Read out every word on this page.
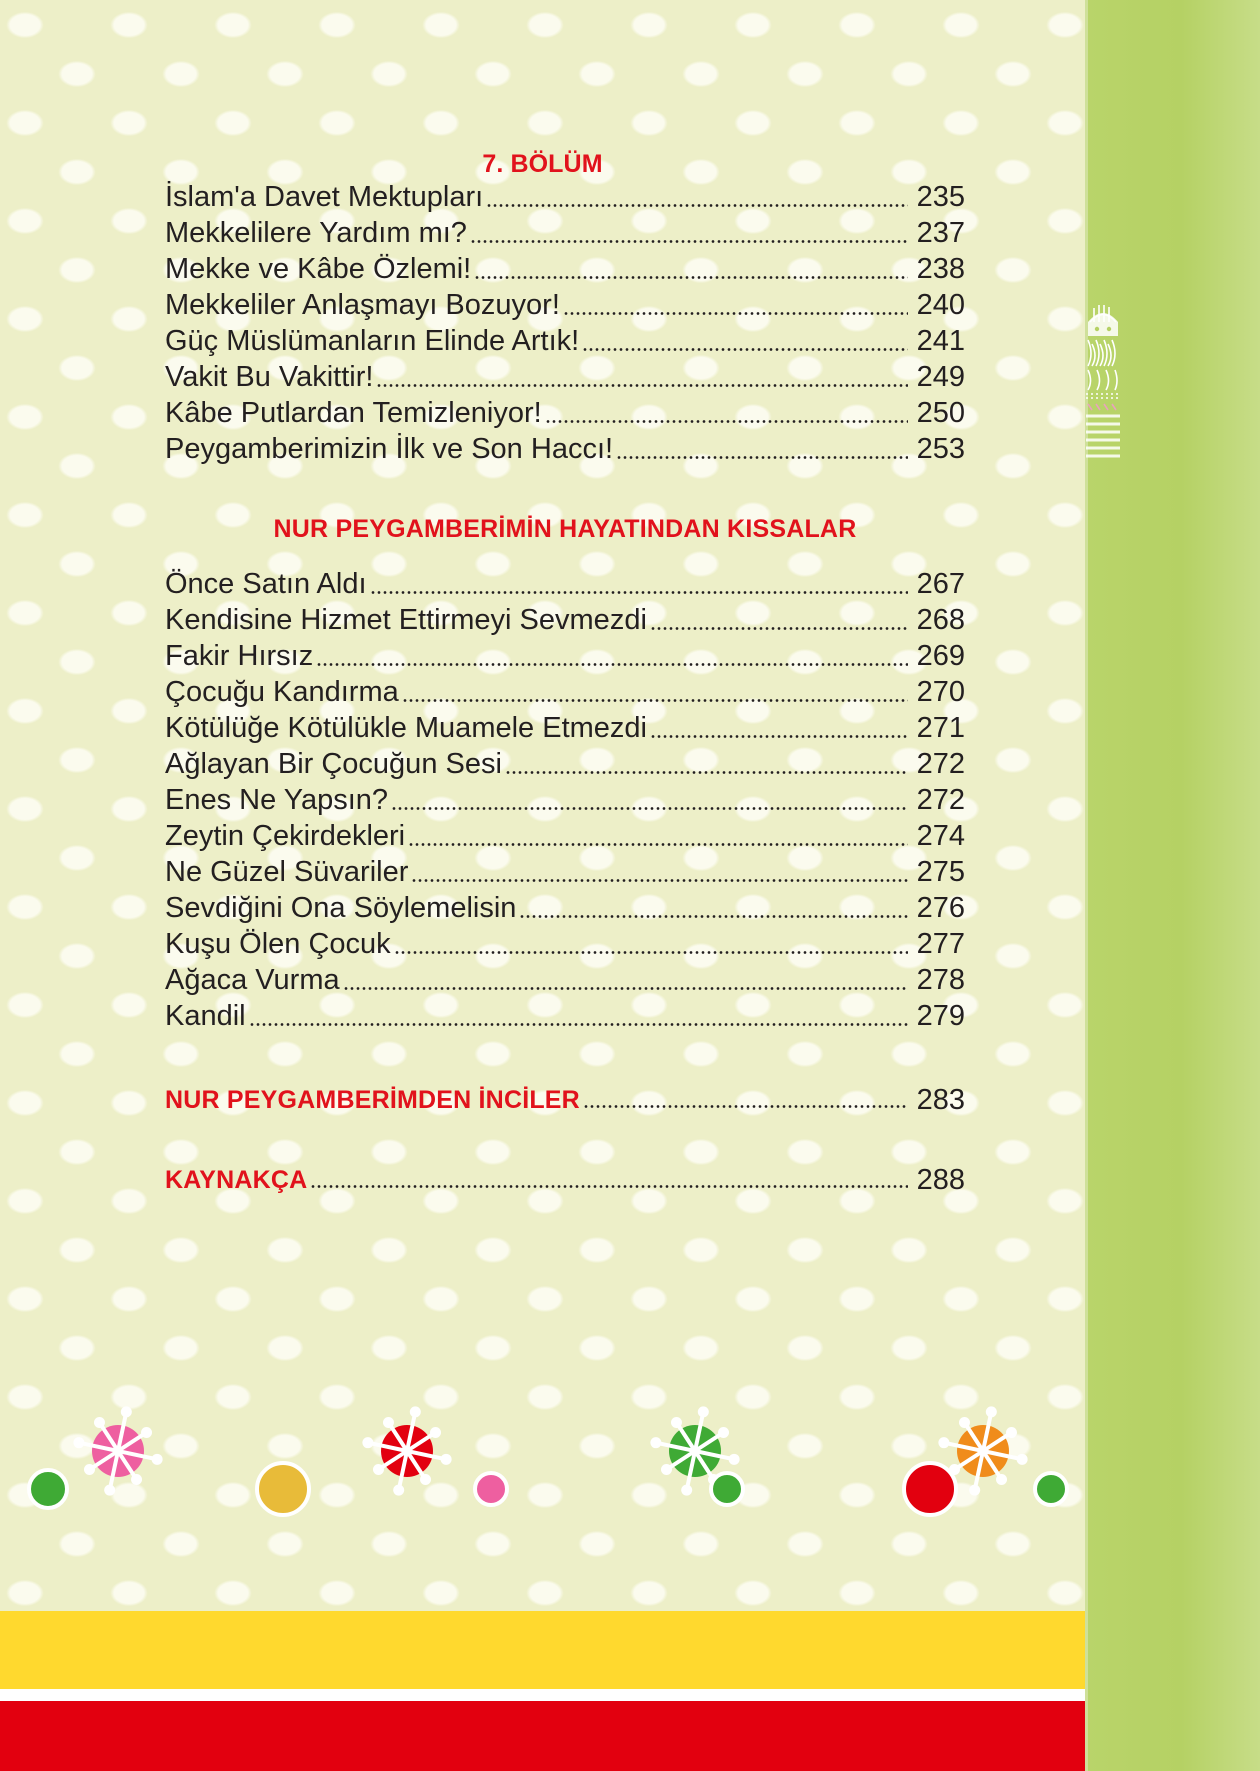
7. BÖLÜM
İslam'a Davet Mektupları	235
Mekkelilere Yardım mı?	237
Mekke ve Kâbe Özlemi!	238
Mekkeliler Anlaşmayı Bozuyor!	240
Güç Müslümanların Elinde Artık!	241
Vakit Bu Vakittir!	249
Kâbe Putlardan Temizleniyor!	250
Peygamberimizin İlk ve Son Haccı!	253
NUR PEYGAMBERİMİN HAYATINDAN KISSALAR
Önce Satın Aldı	267
Kendisine Hizmet Ettirmeyi Sevmezdi	268
Fakir Hırsız	269
Çocuğu Kandırma	270
Kötülüğe Kötülükle Muamele Etmezdi	271
Ağlayan Bir Çocuğun Sesi	272
Enes Ne Yapsın?	272
Zeytin Çekirdekleri	274
Ne Güzel Süvariler	275
Sevdiğini Ona Söylemelisin	276
Kuşu Ölen Çocuk	277
Ağaca Vurma	278
Kandil	279
NUR PEYGAMBERİMDEN İNCİLER	283
KAYNAKÇA	288
